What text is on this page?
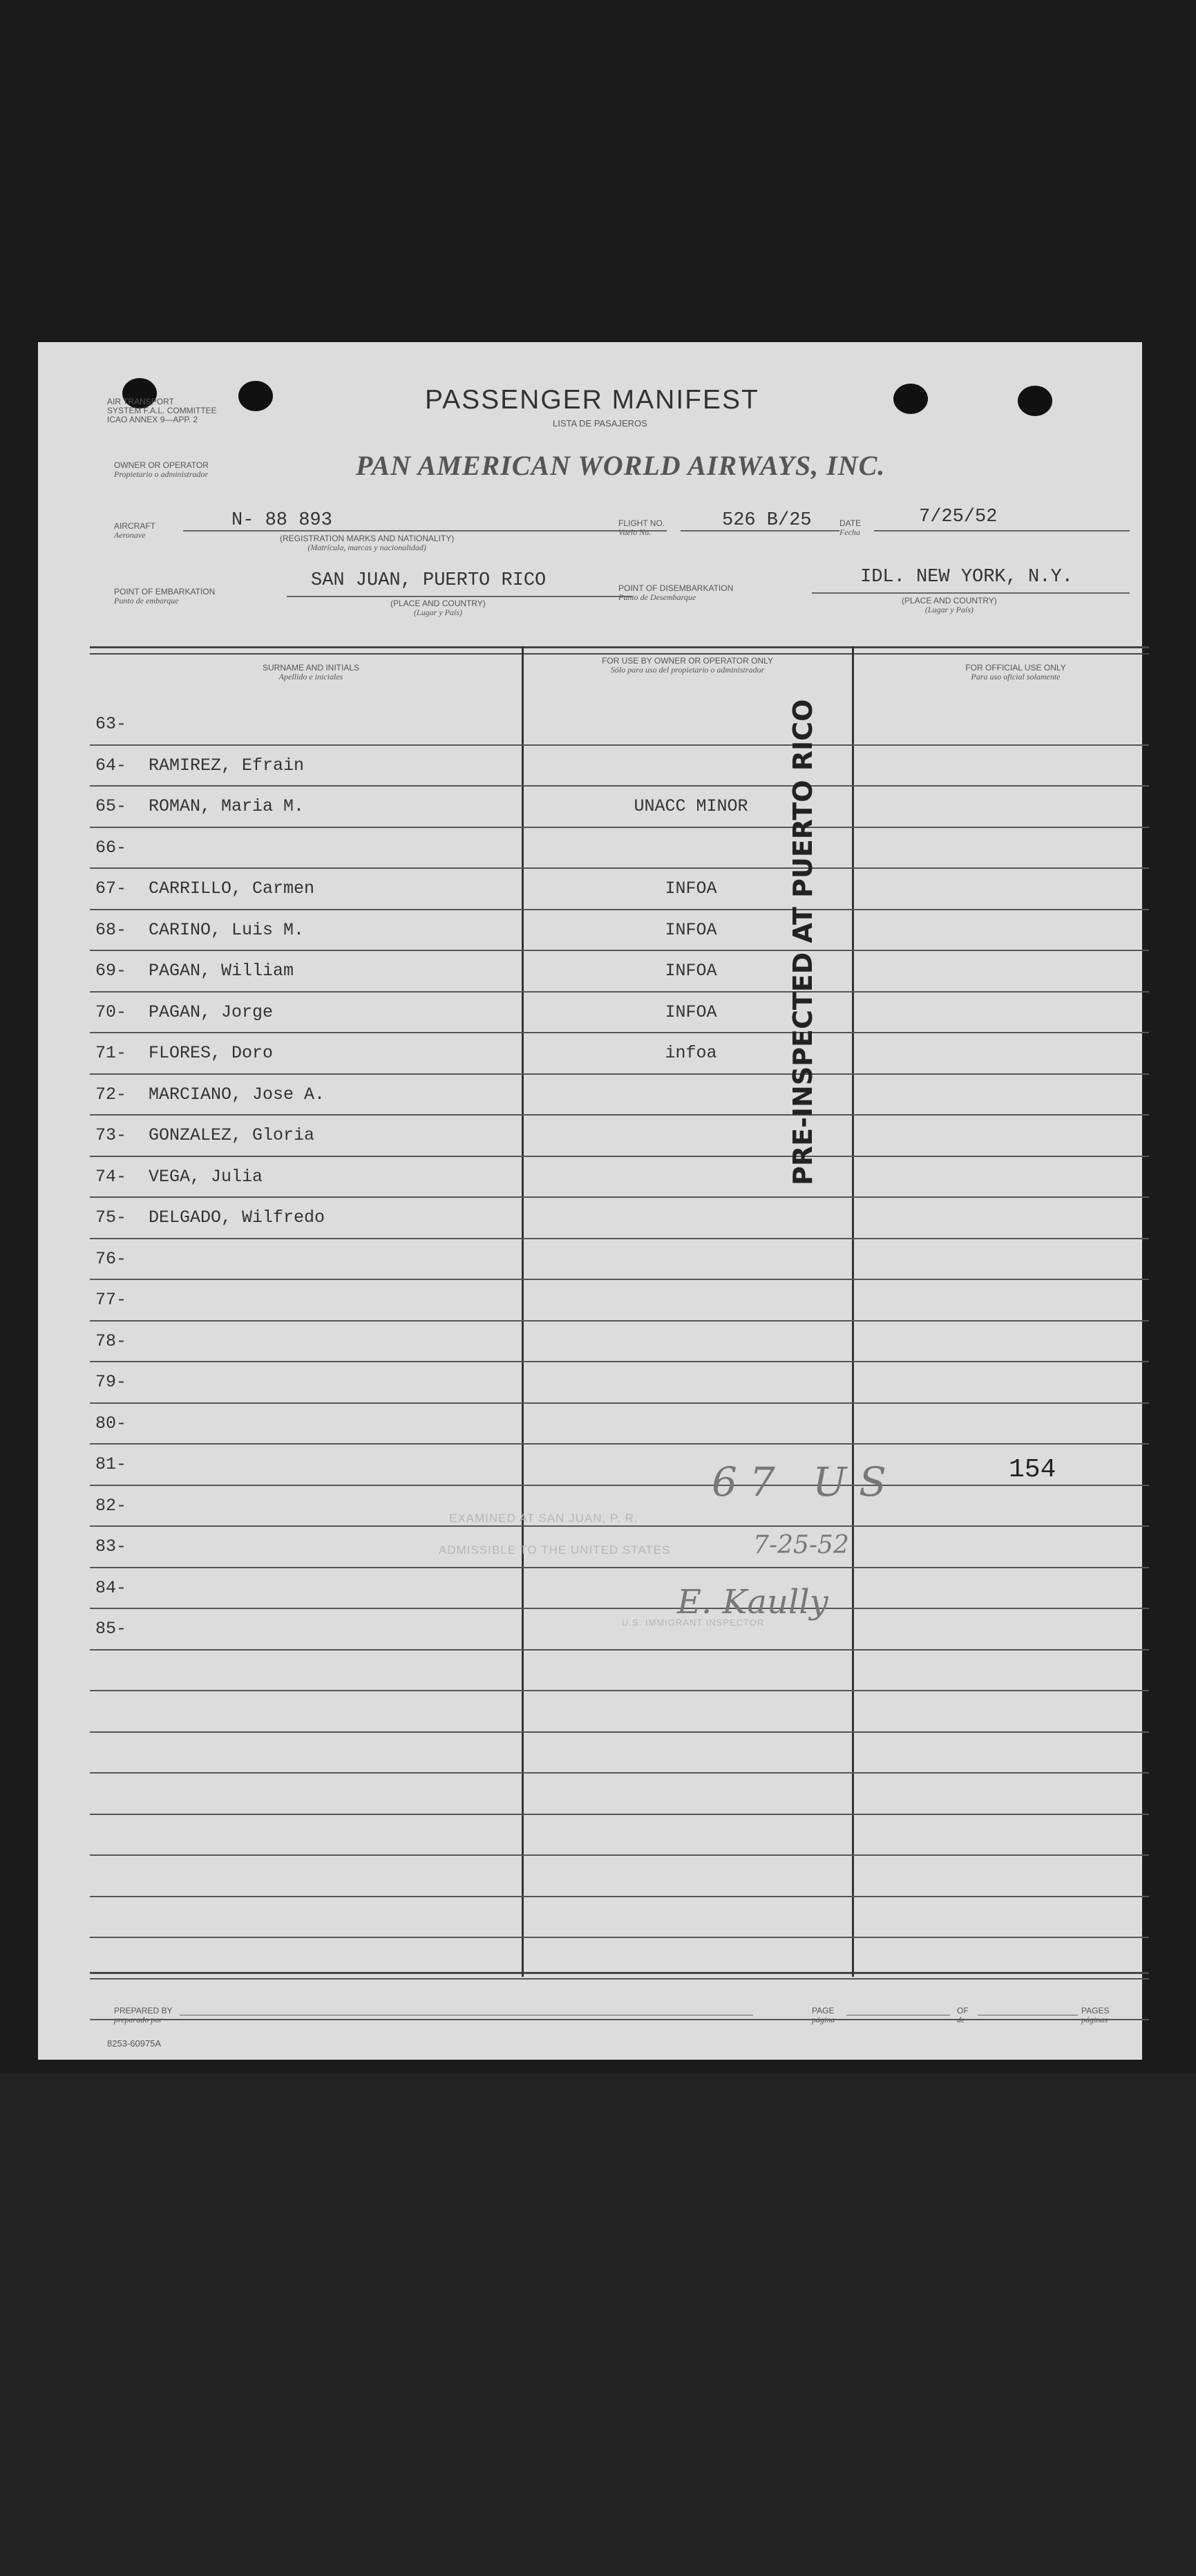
AIR TRANSPORT
SYSTEM F.A.L. COMMITTEE
ICAO ANNEX 9—APP. 2
PASSENGER MANIFEST
LISTA DE PASAJEROS
OWNER OR OPERATOR
Propietario o administrador	PAN AMERICAN WORLD AIRWAYS, INC.
AIRCRAFT
Aeronave
N- 88 893
(REGISTRATION MARKS AND NATIONALITY)
(Matrícula, marcas y nacionalidad)
FLIGHT NO.
Vuelo No.
526 B/25	DATE
Fecha
7/25/52
POINT OF EMBARKATION
Punto de embarque
SAN JUAN, PUERTO RICO
(PLACE AND COUNTRY)
(Lugar y País)
POINT OF DISEMBARKATION
Punto de Desembarque
IDL. NEW YORK, N.Y.
(PLACE AND COUNTRY)
(Lugar y País)
SURNAME AND INITIALS
Apellido e iniciales
FOR USE BY OWNER OR OPERATOR ONLY
Sólo para uso del propietario o administrador	FOR OFFICIAL USE ONLY
Para uso oficial solamente
63-
64- RAMIREZ, Efrain
65- ROMAN, Maria M.	UNACC MINOR
66-
67- CARRILLO, Carmen	INFOA
68- CARINO, Luis M.	INFOA
69- PAGAN, William	INFOA
70- PAGAN, Jorge	INFOA
71- FLORES, Doro	infoa
72- MARCIANO, Jose A.
73- GONZALEZ, Gloria
74- VEGA, Julia
75- DELGADO, Wilfredo
76-
77-
78-
79-
80-
81-
82-
83-
84-
85-
PRE-INSPECTED AT PUERTO RICO
154
EXAMINED AT SAN JUAN, P. R.
ADMISSIBLE TO THE UNITED STATES
U.S. IMMIGRANT INSPECTOR
67 US
7-25-52
E. Kaully
PREPARED BY
preparado por
PAGE
página
OF
de
PAGES
páginas
8253-60975A
